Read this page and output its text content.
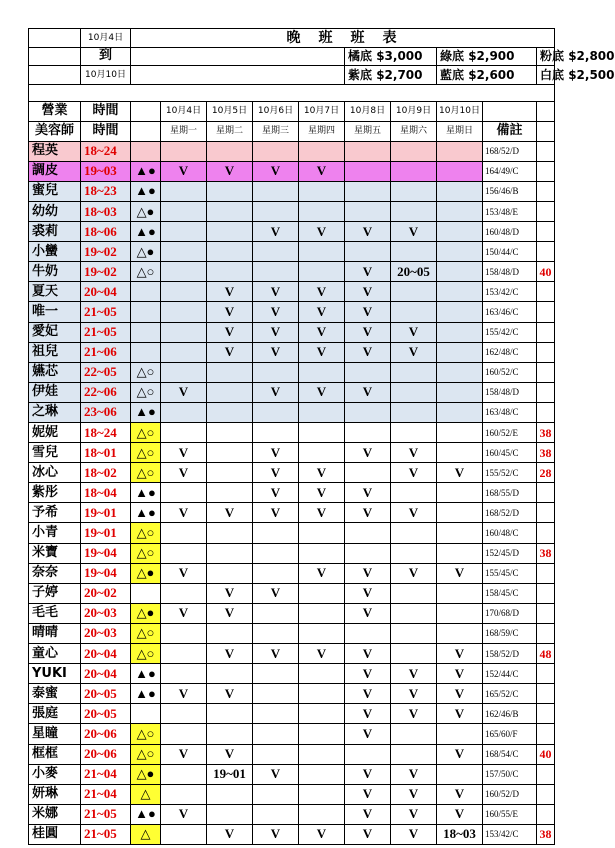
	10月4日	晚　班　班　表									
	到						橘底 $3,000		綠底 $2,900		粉底 $2,800
	10月10日						紫底 $2,700		藍底 $2,600		白底 $2,500

營業	時間		10月4日	10月5日	10月6日	10月7日	10月8日	10月9日	10月10日		
美容師	時間		星期一	星期二	星期三	星期四	星期五	星期六	星期日	備註	
程英	18~24									168/52/D	
調皮	19~03	▲●	V	V	V	V				164/49/C	
蜜兒	18~23	▲●								156/46/B	
幼幼	18~03	△●								153/48/E	
裘莉	18~06	▲●			V	V	V	V		160/48/D	
小蠻	19~02	△●								150/44/C	
牛奶	19~02	△○					V	20~05		158/48/D	40
夏天	20~04			V	V	V	V			153/42/C	
唯一	21~05			V	V	V	V			163/46/C	
愛妃	21~05			V	V	V	V	V		155/42/C	
祖兒	21~06			V	V	V	V	V		162/48/C	
嬿芯	22~05	△○								160/52/C	
伊娃	22~06	△○	V		V	V	V			158/48/D	
之琳	23~06	▲●								163/48/C	
妮妮	18~24	△○								160/52/E	38
雪兒	18~01	△○	V		V		V	V		160/45/C	38
冰心	18~02	△○	V		V	V		V	V	155/52/C	28
紫彤	18~04	▲●			V	V	V			168/55/D	
予希	19~01	▲●	V	V	V	V	V	V		168/52/D	
小青	19~01	△○								160/48/C	
米寶	19~04	△○								152/45/D	38
奈奈	19~04	△●	V			V	V	V	V	155/45/C	
子婷	20~02			V	V		V			158/45/C	
毛毛	20~03	△●	V	V			V			170/68/D	
晴晴	20~03	△○								168/59/C	
童心	20~04	△○		V	V	V	V		V	158/52/D	48
YUKI	20~04	▲●					V	V	V	152/44/C	
泰蜜	20~05	▲●	V	V			V	V	V	165/52/C	
張庭	20~05						V	V	V	162/46/B	
星瞳	20~06	△○					V			165/60/F	
框框	20~06	△○	V	V					V	168/54/C	40
小麥	21~04	△●		19~01	V		V	V		157/50/C	
妍琳	21~04	△					V	V	V	160/52/D	
米娜	21~05	▲●	V				V	V	V	160/55/E	
桂圓	21~05	△		V	V	V	V	V	18~03	153/42/C	38
